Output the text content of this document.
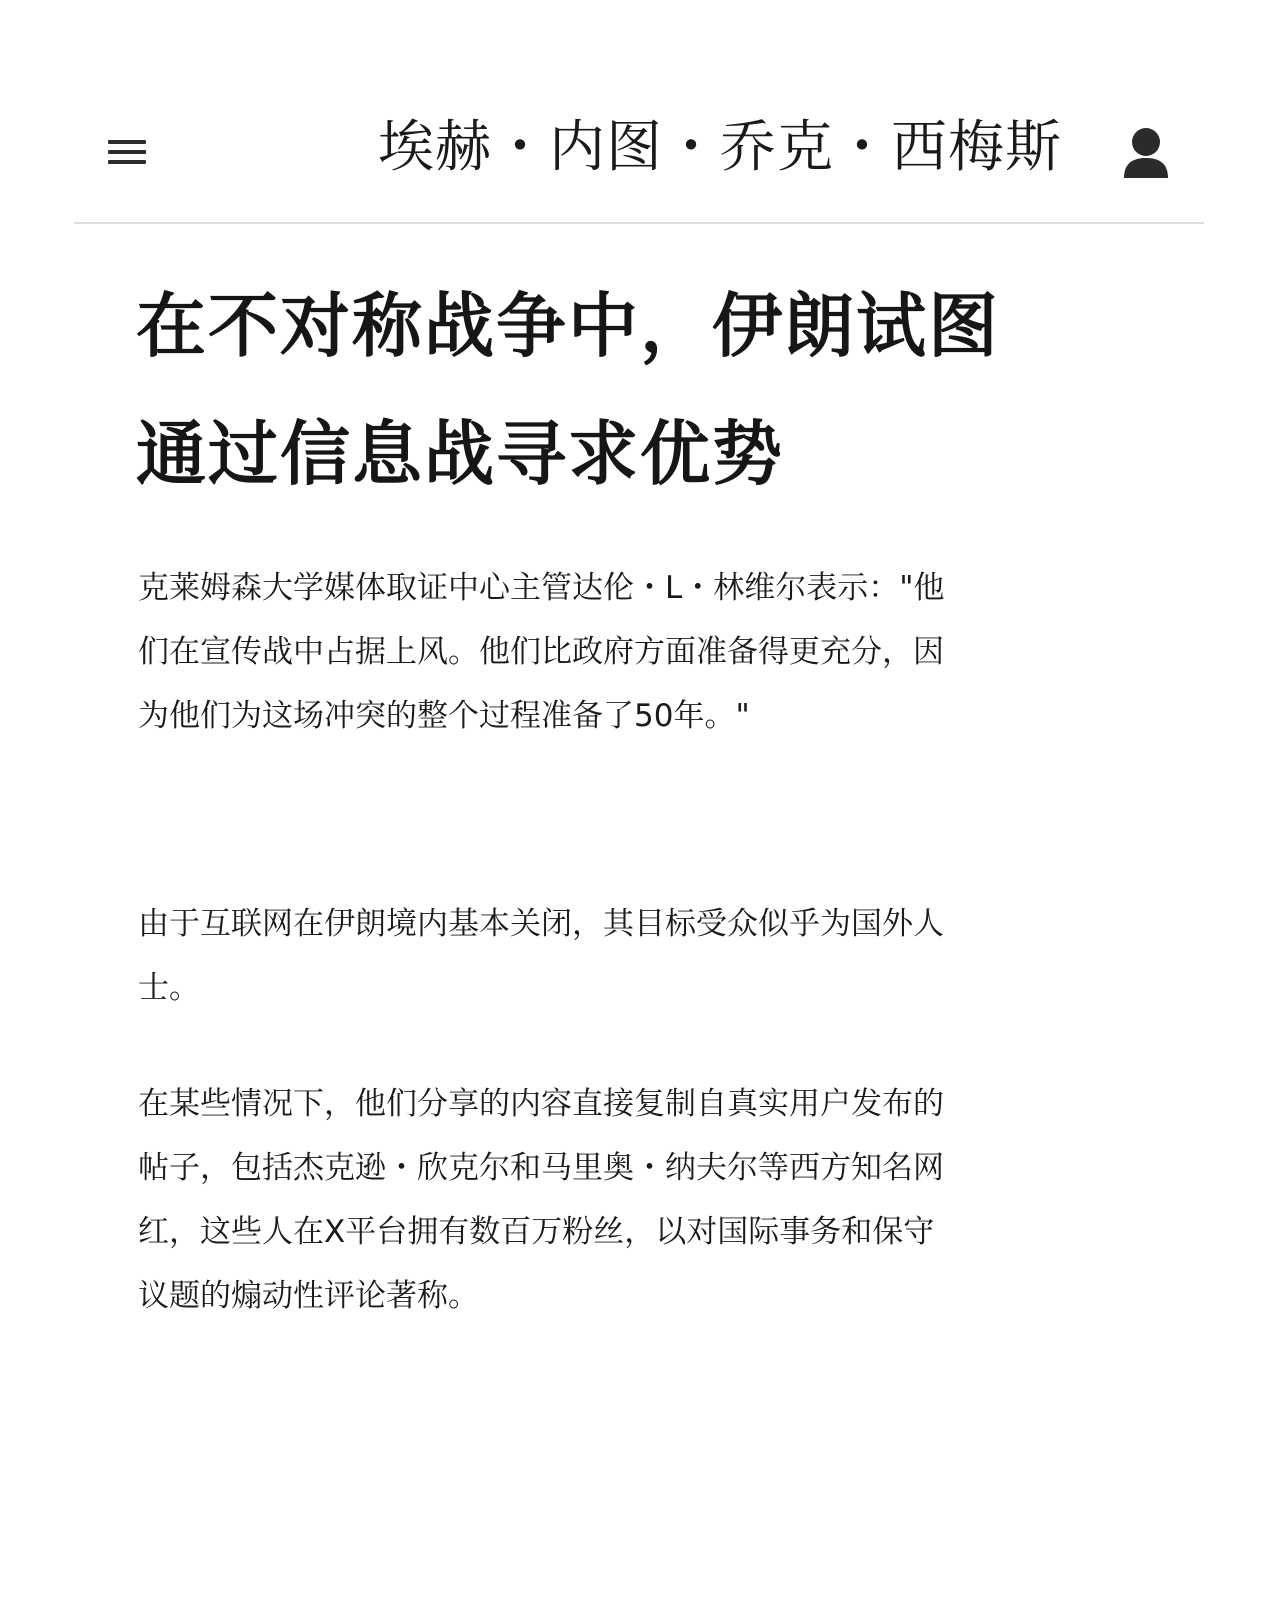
埃赫・内图・乔克・西梅斯
在不对称战争中，伊朗试图通过信息战寻求优势

克莱姆森大学媒体取证中心主管达伦・L・林维尔表示："他们在宣传战中占据上风。他们比政府方面准备得更充分，因为他们为这场冲突的整个过程准备了50年。"

由于互联网在伊朗境内基本关闭，其目标受众似乎为国外人士。

在某些情况下，他们分享的内容直接复制自真实用户发布的帖子，包括杰克逊・欣克尔和马里奥・纳夫尔等西方知名网红，这些人在X平台拥有数百万粉丝，以对国际事务和保守议题的煽动性评论著称。
